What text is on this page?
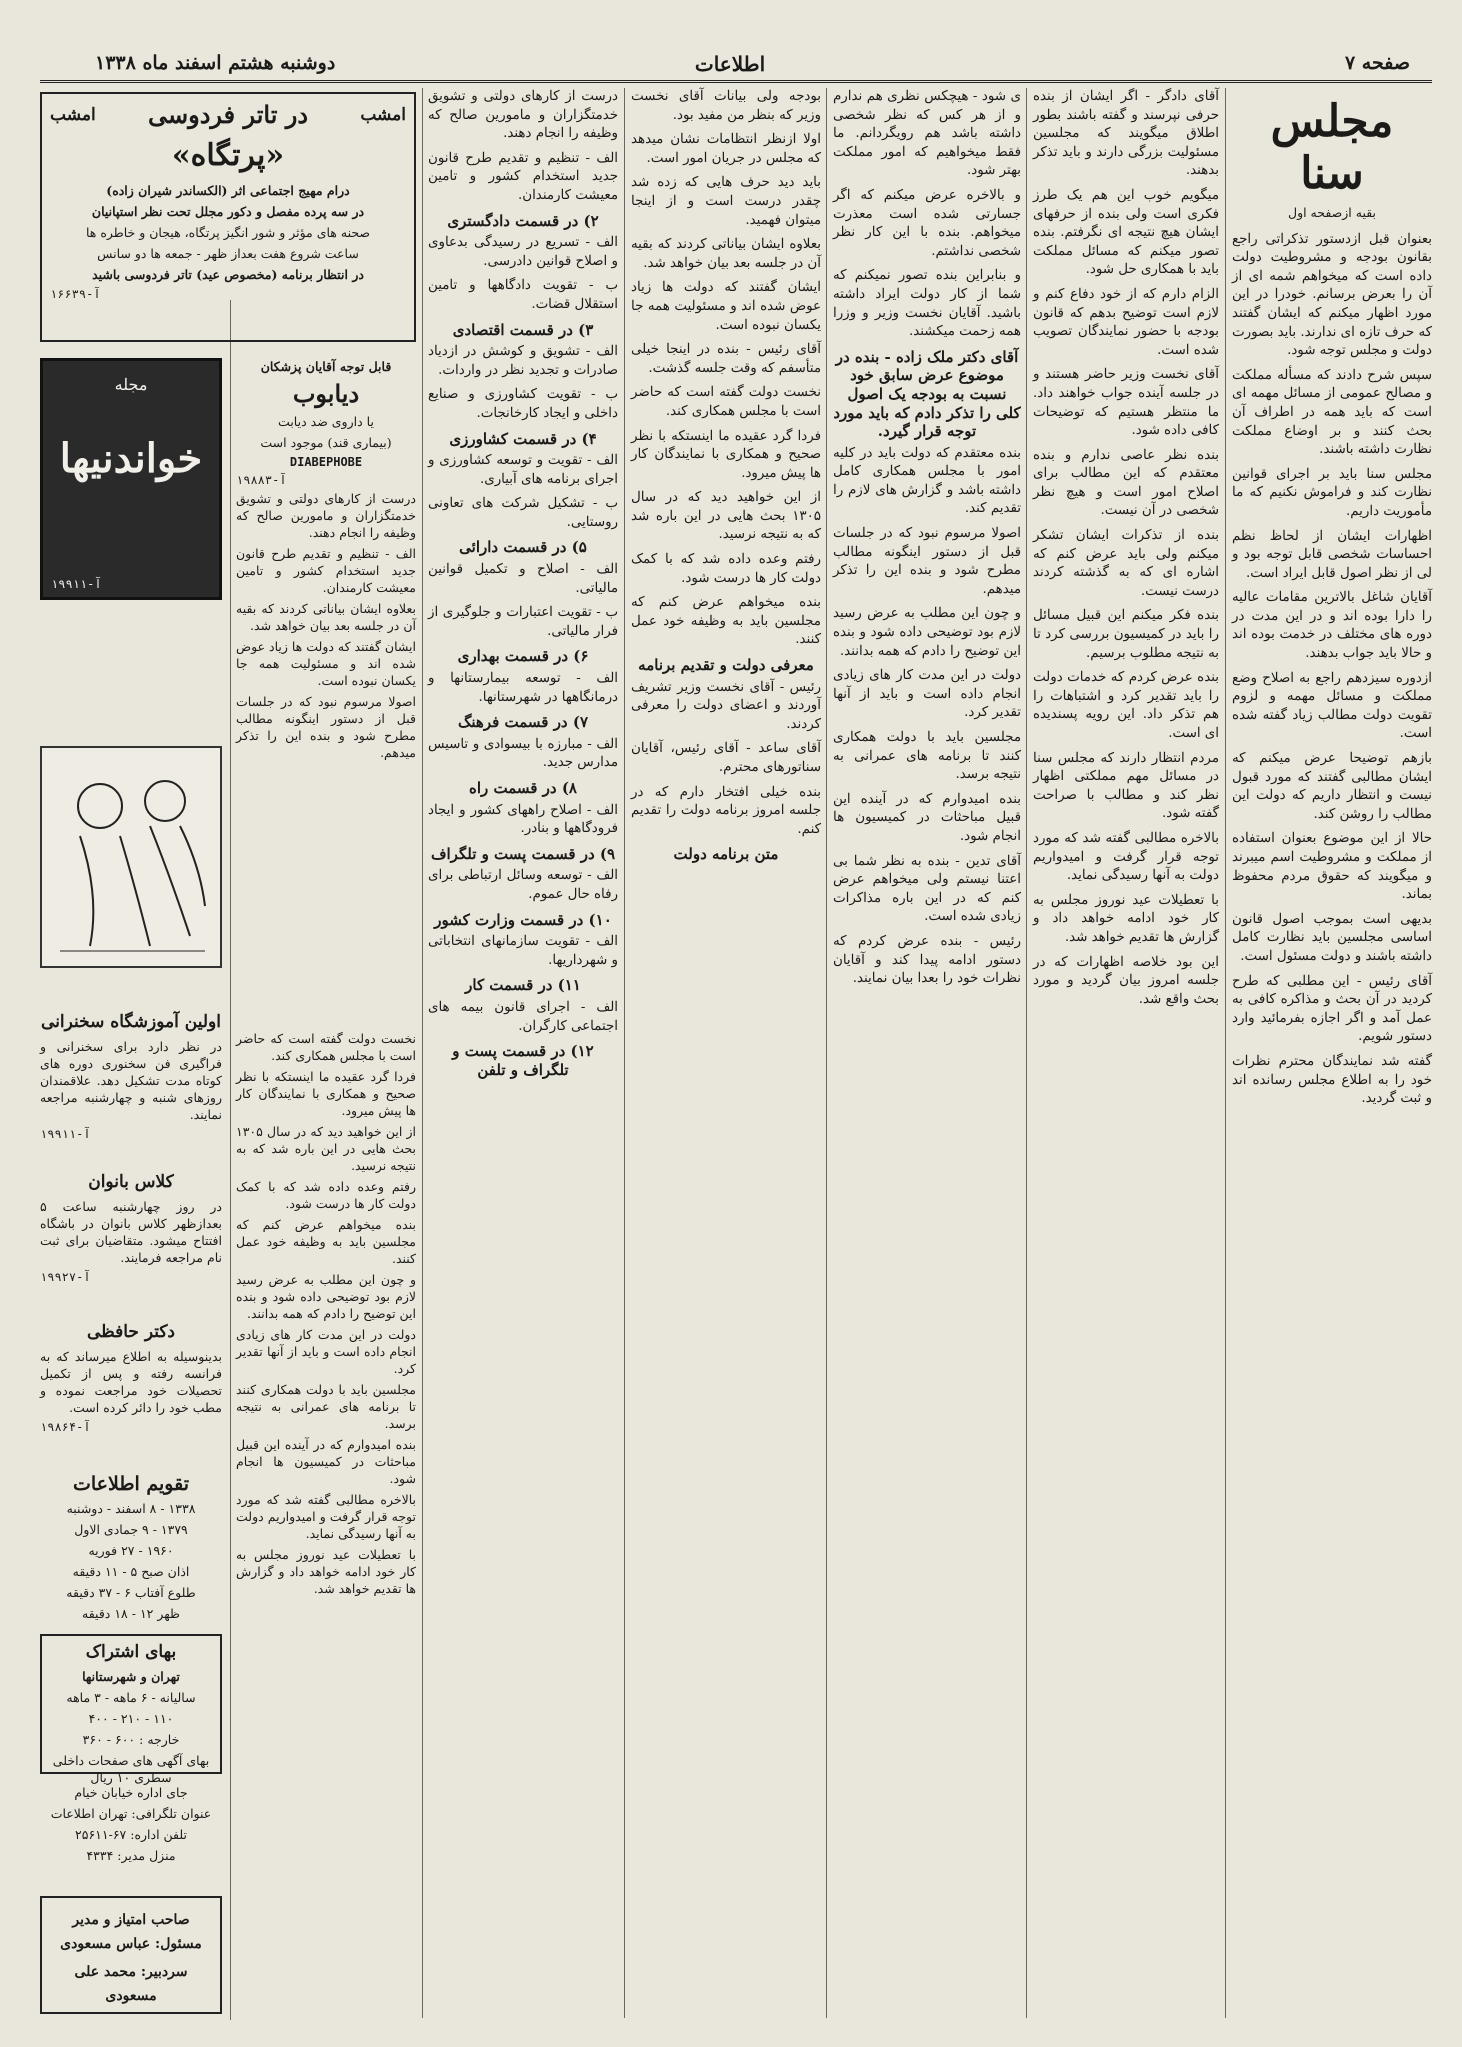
صفحه ۷
اطلاعات
دوشنبه هشتم اسفند ماه ۱۳۳۸

مجلس سنا

بقیه ازصفحه اول

بعنوان قبل ازدستور تذکراتی راجع بقانون بودجه و مشروطیت دولت داده است که میخواهم شمه ای از آن را بعرض برسانم. خودرا در این مورد اظهار میکنم که ایشان گفتند که حرف تازه ای ندارند. باید بصورت دولت و مجلس توجه شود.

سپس شرح دادند که مسأله مملکت و مصالح عمومی از مسائل مهمه ای است که باید همه در اطراف آن بحث کنند و بر اوضاع مملکت نظارت داشته باشند.

مجلس سنا باید بر اجرای قوانین نظارت کند و فراموش نکنیم که ما مأموریت داریم.

اظهارات ایشان از لحاظ نظم احساسات شخصی قابل توجه بود و لی از نظر اصول قابل ایراد است.

آقایان شاغل بالاترین مقامات عالیه را دارا بوده اند و در این مدت در دوره های مختلف در خدمت بوده اند و حالا باید جواب بدهند.

ازدوره سیزدهم راجع به اصلاح وضع مملکت و مسائل مهمه و لزوم تقویت دولت مطالب زیاد گفته شده است.

بازهم توضیحا عرض میکنم که ایشان مطالبی گفتند که مورد قبول نیست و انتظار داریم که دولت این مطالب را روشن کند.

حالا از این موضوع بعنوان استفاده از مملکت و مشروطیت اسم میبرند و میگویند که حقوق مردم محفوظ بماند.

بدیهی است بموجب اصول قانون اساسی مجلسین باید نظارت کامل داشته باشند و دولت مسئول است.

آقای رئیس - این مطلبی که طرح کردید در آن بحث و مذاکره کافی به عمل آمد و اگر اجازه بفرمائید وارد دستور شویم.

گفته شد نمایندگان محترم نظرات خود را به اطلاع مجلس رسانده اند و ثبت گردید.

آقای دادگر - اگر ایشان از بنده حرفی نپرسند و گفته باشند بطور اطلاق میگویند که مجلسین مسئولیت بزرگی دارند و باید تذکر بدهند.

میگویم خوب این هم یک طرز فکری است ولی بنده از حرفهای ایشان هیچ نتیجه ای نگرفتم. بنده تصور میکنم که مسائل مملکت باید با همکاری حل شود.

الزام دارم که از خود دفاع کنم و لازم است توضیح بدهم که قانون بودجه با حضور نمایندگان تصویب شده است.

آقای نخست وزیر حاضر هستند و در جلسه آینده جواب خواهند داد. ما منتظر هستیم که توضیحات کافی داده شود.

بنده نظر عاصی ندارم و بنده معتقدم که این مطالب برای اصلاح امور است و هیچ نظر شخصی در آن نیست.

بنده از تذکرات ایشان تشکر میکنم ولی باید عرض کنم که اشاره ای که به گذشته کردند درست نیست.

بنده فکر میکنم این قبیل مسائل را باید در کمیسیون بررسی کرد تا به نتیجه مطلوب برسیم.

بنده عرض کردم که خدمات دولت را باید تقدیر کرد و اشتباهات را هم تذکر داد. این رویه پسندیده ای است.

مردم انتظار دارند که مجلس سنا در مسائل مهم مملکتی اظهار نظر کند و مطالب با صراحت گفته شود.

بالاخره مطالبی گفته شد که مورد توجه قرار گرفت و امیدواریم دولت به آنها رسیدگی نماید.

با تعطیلات عید نوروز مجلس به کار خود ادامه خواهد داد و گزارش ها تقدیم خواهد شد.

این بود خلاصه اظهارات که در جلسه امروز بیان گردید و مورد بحث واقع شد.

ی شود - هیچکس نظری هم ندارم و از هر کس که نظر شخصی داشته باشد هم رویگردانم. ما فقط میخواهیم که امور مملکت بهتر شود.

و بالاخره عرض میکنم که اگر جسارتی شده است معذرت میخواهم. بنده با این کار نظر شخصی نداشتم.

و بنابراین بنده تصور نمیکنم که شما از کار دولت ایراد داشته باشید. آقایان نخست وزیر و وزرا همه زحمت میکشند.

آقای دکتر ملک زاده - بنده در موضوع عرض سابق خود نسبت به بودجه یک اصول کلی را تذکر دادم که باید مورد توجه قرار گیرد.

بنده معتقدم که دولت باید در کلیه امور با مجلس همکاری کامل داشته باشد و گزارش های لازم را تقدیم کند.

اصولا مرسوم نبود که در جلسات قبل از دستور اینگونه مطالب مطرح شود و بنده این را تذکر میدهم.

و چون این مطلب به عرض رسید لازم بود توضیحی داده شود و بنده این توضیح را دادم که همه بدانند.

دولت در این مدت کار های زیادی انجام داده است و باید از آنها تقدیر کرد.

مجلسین باید با دولت همکاری کنند تا برنامه های عمرانی به نتیجه برسد.

بنده امیدوارم که در آینده این قبیل مباحثات در کمیسیون ها انجام شود.

آقای تدین - بنده به نظر شما بی اعتنا نیستم ولی میخواهم عرض کنم که در این باره مذاکرات زیادی شده است.

رئیس - بنده عرض کردم که دستور ادامه پیدا کند و آقایان نظرات خود را بعدا بیان نمایند.

بودجه ولی بیانات آقای نخست وزیر که بنظر من مفید بود.

اولا ازنظر انتظامات نشان میدهد که مجلس در جریان امور است.

باید دید حرف هایی که زده شد چقدر درست است و از اینجا میتوان فهمید.

بعلاوه ایشان بیاناتی کردند که بقیه آن در جلسه بعد بیان خواهد شد.

ایشان گفتند که دولت ها زیاد عوض شده اند و مسئولیت همه جا یکسان نبوده است.

آقای رئیس - بنده در اینجا خیلی متأسفم که وقت جلسه گذشت.

نخست دولت گفته است که حاضر است با مجلس همکاری کند.

فردا گرد عقیده ما اینستکه با نظر صحیح و همکاری با نمایندگان کار ها پیش میرود.

از این خواهید دید که در سال ۱۳۰۵ بحث هایی در این باره شد که به نتیجه نرسید.

رفتم وعده داده شد که با کمک دولت کار ها درست شود.

بنده میخواهم عرض کنم که مجلسین باید به وظیفه خود عمل کنند.

معرفی دولت و تقدیم برنامه

رئیس - آقای نخست وزیر تشریف آوردند و اعضای دولت را معرفی کردند.

آقای ساعد - آقای رئیس، آقایان سناتورهای محترم.

بنده خیلی افتخار دارم که در جلسه امروز برنامه دولت را تقدیم کنم.

متن برنامه دولت

درست از کارهای دولتی و تشویق خدمتگزاران و مامورین صالح که وظیفه را انجام دهند.

الف - تنظیم و تقدیم طرح قانون جدید استخدام کشور و تامین معیشت کارمندان.

۲) در قسمت دادگستری

الف - تسریع در رسیدگی بدعاوی و اصلاح قوانین دادرسی.

ب - تقویت دادگاهها و تامین استقلال قضات.

۳) در قسمت اقتصادی

الف - تشویق و کوشش در ازدیاد صادرات و تجدید نظر در واردات.

ب - تقویت کشاورزی و صنایع داخلی و ایجاد کارخانجات.

۴) در قسمت کشاورزی

الف - تقویت و توسعه کشاورزی و اجرای برنامه های آبیاری.

ب - تشکیل شرکت های تعاونی روستایی.

۵) در قسمت دارائی

الف - اصلاح و تکمیل قوانین مالیاتی.

ب - تقویت اعتبارات و جلوگیری از فرار مالیاتی.

۶) در قسمت بهداری

الف - توسعه بیمارستانها و درمانگاهها در شهرستانها.

۷) در قسمت فرهنگ

الف - مبارزه با بیسوادی و تاسیس مدارس جدید.

۸) در قسمت راه

الف - اصلاح راههای کشور و ایجاد فرودگاهها و بنادر.

۹) در قسمت پست و تلگراف

الف - توسعه وسائل ارتباطی برای رفاه حال عموم.

۱۰) در قسمت وزارت کشور

الف - تقویت سازمانهای انتخاباتی و شهرداریها.

۱۱) در قسمت کار

الف - اجرای قانون بیمه های اجتماعی کارگران.

۱۲) در قسمت پست و تلگراف و تلفن

امشب
در تاتر فردوسی
امشب

«پرتگاه»

درام مهیج اجتماعی اثر (الکساندر شیران زاده)

در سه پرده مفصل و دکور مجلل تحت نظر استپانیان

صحنه های مؤثر و شور انگیز پرتگاه، هیجان و خاطره ها

ساعت شروع هفت بعداز ظهر - جمعه ها دو سانس

در انتظار برنامه (مخصوص عید) تاتر فردوسی باشید

۱۶۶۳۹-آ

مجله
خواندنیها
آ-۱۹۹۱۱

قابل توجه آقایان پزشکان

دیابوب

یا داروی ضد دیابت

(بیماری قند) موجود است

DIABEPHOBE

آ-۱۹۸۸۳

درست از کارهای دولتی و تشویق خدمتگزاران و مامورین صالح که وظیفه را انجام دهند.

الف - تنظیم و تقدیم طرح قانون جدید استخدام کشور و تامین معیشت کارمندان.

بعلاوه ایشان بیاناتی کردند که بقیه آن در جلسه بعد بیان خواهد شد.

ایشان گفتند که دولت ها زیاد عوض شده اند و مسئولیت همه جا یکسان نبوده است.

اصولا مرسوم نبود که در جلسات قبل از دستور اینگونه مطالب مطرح شود و بنده این را تذکر میدهم.

اولین آموزشگاه سخنرانی

در نظر دارد برای سخنرانی و فراگیری فن سخنوری دوره های کوتاه مدت تشکیل دهد. علاقمندان روزهای شنبه و چهارشنبه مراجعه نمایند.

آ-۱۹۹۱۱

کلاس بانوان

در روز چهارشنبه ساعت ۵ بعدازظهر کلاس بانوان در باشگاه افتتاح میشود. متقاضیان برای ثبت نام مراجعه فرمایند.

آ-۱۹۹۲۷

دکتر حافظی

بدینوسیله به اطلاع میرساند که به فرانسه رفته و پس از تکمیل تحصیلات خود مراجعت نموده و مطب خود را دائر کرده است.

آ-۱۹۸۶۴

تقویم اطلاعات

۱۳۳۸ - ۸ اسفند - دوشنبه

۱۳۷۹ - ۹ جمادی الاول

۱۹۶۰ - ۲۷ فوریه

اذان صبح ۵ - ۱۱ دقیقه

طلوع آفتاب ۶ - ۳۷ دقیقه

ظهر ۱۲ - ۱۸ دقیقه

بهای اشتراک

تهران و شهرستانها

سالیانه - ۶ ماهه - ۳ ماهه

۱۱۰ - ۲۱۰ - ۴۰۰

خارجه : ۶۰۰ - ۳۶۰

بهای آگهی های صفحات داخلی سطری ۱۰ ریال

جای اداره خیابان خیام

عنوان تلگرافی: تهران اطلاعات

تلفن اداره: ۶۷-۲۵۶۱۱

منزل مدیر: ۴۳۳۴

صاحب امتیاز و مدیر مسئول: عباس مسعودی

سردبیر: محمد علی مسعودی

نخست دولت گفته است که حاضر است با مجلس همکاری کند.

فردا گرد عقیده ما اینستکه با نظر صحیح و همکاری با نمایندگان کار ها پیش میرود.

از این خواهید دید که در سال ۱۳۰۵ بحث هایی در این باره شد که به نتیجه نرسید.

رفتم وعده داده شد که با کمک دولت کار ها درست شود.

بنده میخواهم عرض کنم که مجلسین باید به وظیفه خود عمل کنند.

و چون این مطلب به عرض رسید لازم بود توضیحی داده شود و بنده این توضیح را دادم که همه بدانند.

دولت در این مدت کار های زیادی انجام داده است و باید از آنها تقدیر کرد.

مجلسین باید با دولت همکاری کنند تا برنامه های عمرانی به نتیجه برسد.

بنده امیدوارم که در آینده این قبیل مباحثات در کمیسیون ها انجام شود.

بالاخره مطالبی گفته شد که مورد توجه قرار گرفت و امیدواریم دولت به آنها رسیدگی نماید.

با تعطیلات عید نوروز مجلس به کار خود ادامه خواهد داد و گزارش ها تقدیم خواهد شد.
